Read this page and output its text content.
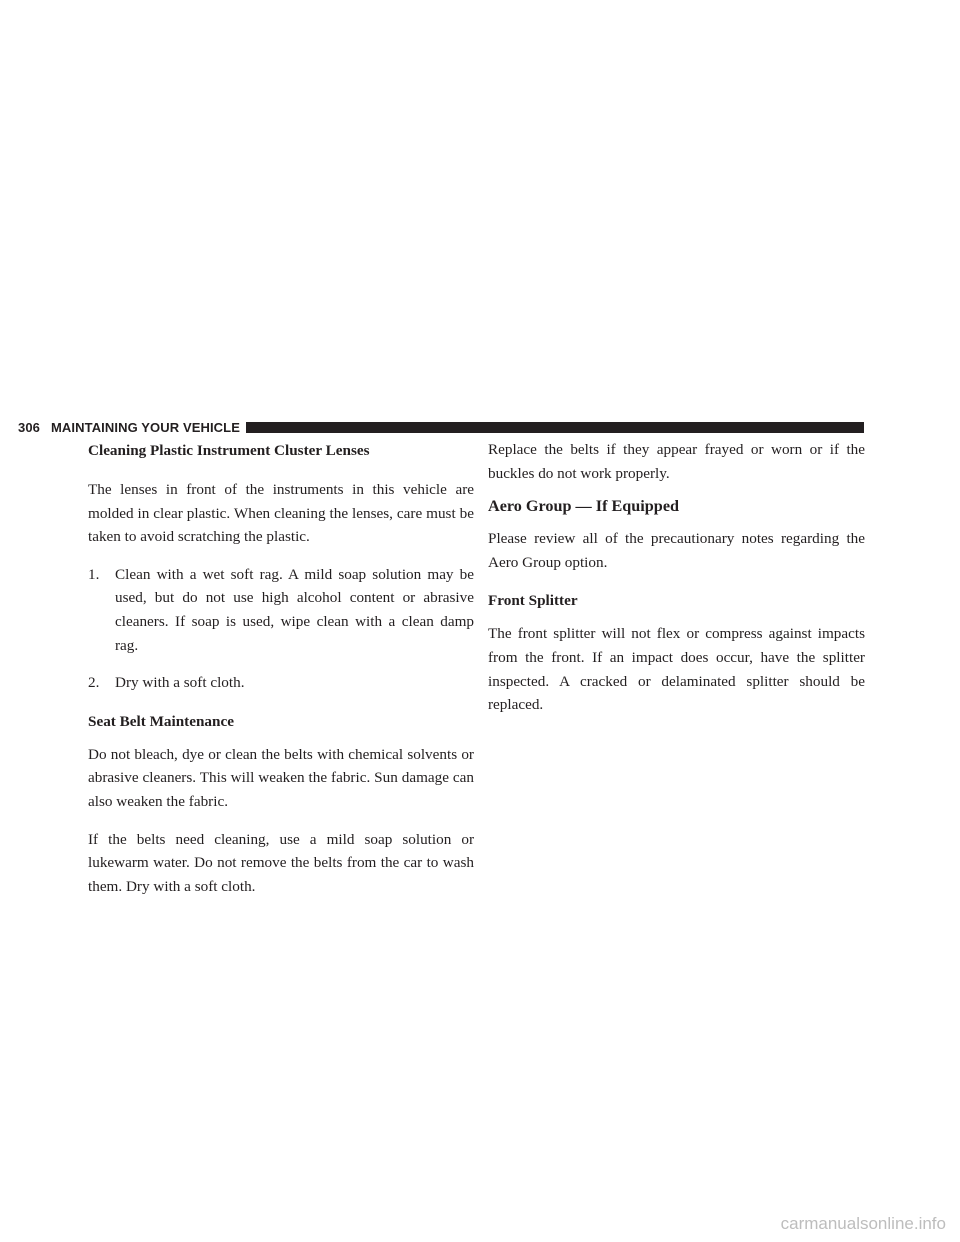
306 MAINTAINING YOUR VEHICLE
Cleaning Plastic Instrument Cluster Lenses

The lenses in front of the instruments in this vehicle are molded in clear plastic. When cleaning the lenses, care must be taken to avoid scratching the plastic.

1.	Clean with a wet soft rag. A mild soap solution may be used, but do not use high alcohol content or abrasive cleaners. If soap is used, wipe clean with a clean damp rag.
2.	Dry with a soft cloth.
Seat Belt Maintenance

Do not bleach, dye or clean the belts with chemical solvents or abrasive cleaners. This will weaken the fabric. Sun damage can also weaken the fabric.

If the belts need cleaning, use a mild soap solution or lukewarm water. Do not remove the belts from the car to wash them. Dry with a soft cloth.

Replace the belts if they appear frayed or worn or if the buckles do not work properly.

Aero Group — If Equipped

Please review all of the precautionary notes regarding the Aero Group option.

Front Splitter

The front splitter will not flex or compress against impacts from the front. If an impact does occur, have the splitter inspected. A cracked or delaminated splitter should be replaced.

carmanualsonline.info
